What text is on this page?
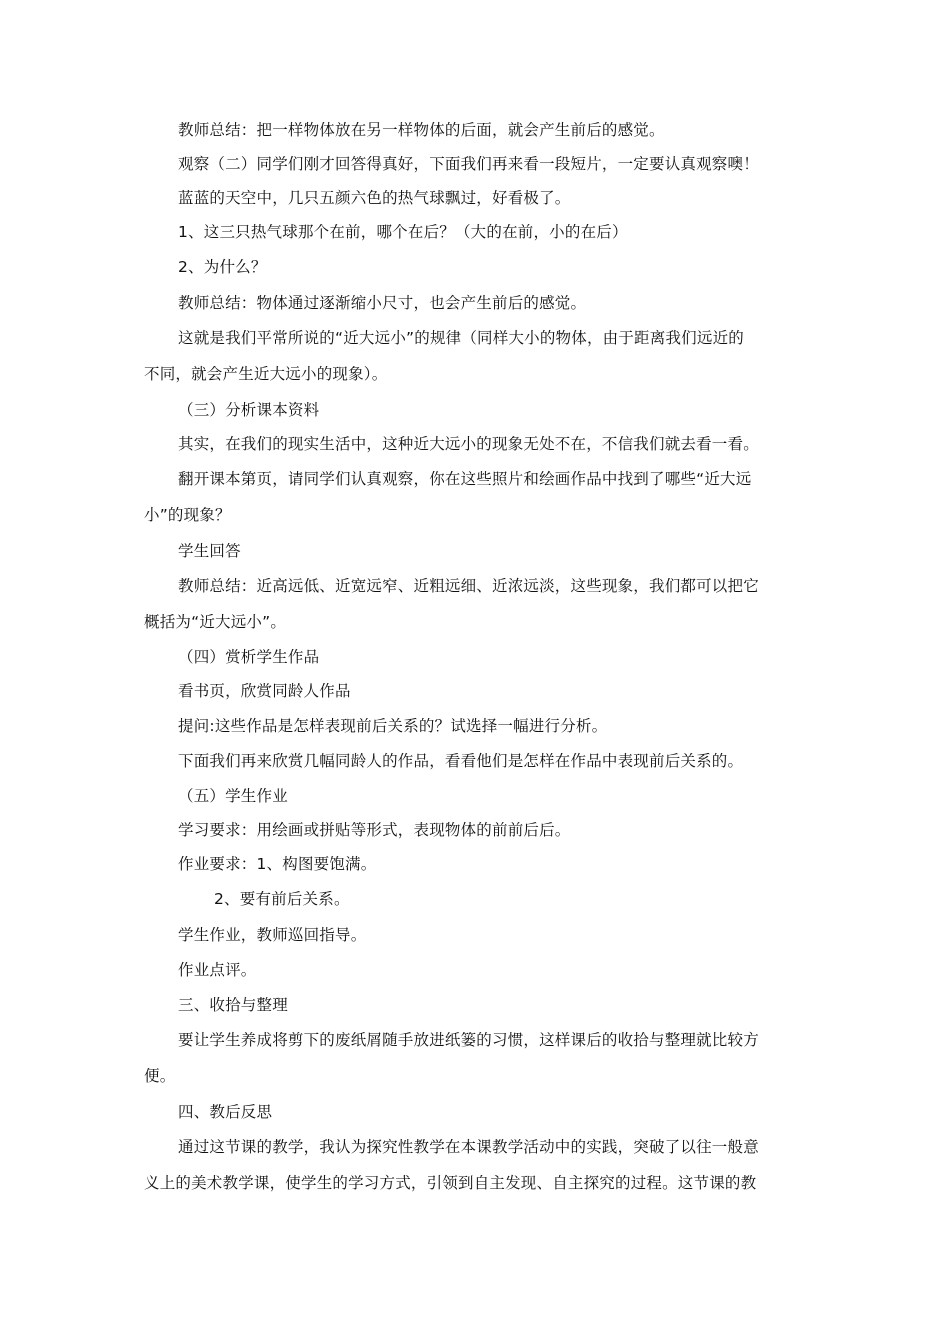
教师总结：把一样物体放在另一样物体的后面，就会产生前后的感觉。
观察（二）同学们刚才回答得真好，下面我们再来看一段短片，一定要认真观察噢！
蓝蓝的天空中，几只五颜六色的热气球飘过，好看极了。
1、这三只热气球那个在前，哪个在后？（大的在前，小的在后）
2、为什么？
教师总结：物体通过逐渐缩小尺寸，也会产生前后的感觉。
这就是我们平常所说的“近大远小”的规律（同样大小的物体，由于距离我们远近的
不同，就会产生近大远小的现象）。
（三）分析课本资料
其实，在我们的现实生活中，这种近大远小的现象无处不在，不信我们就去看一看。
翻开课本第页，请同学们认真观察，你在这些照片和绘画作品中找到了哪些“近大远
小”的现象？
学生回答
教师总结：近高远低、近宽远窄、近粗远细、近浓远淡，这些现象，我们都可以把它
概括为“近大远小”。
（四）赏析学生作品
看书页，欣赏同龄人作品
提问:这些作品是怎样表现前后关系的？试选择一幅进行分析。
下面我们再来欣赏几幅同龄人的作品，看看他们是怎样在作品中表现前后关系的。
（五）学生作业
学习要求：用绘画或拼贴等形式，表现物体的前前后后。
作业要求：1、构图要饱满。
2、要有前后关系。
学生作业，教师巡回指导。
作业点评。
三、收拾与整理
要让学生养成将剪下的废纸屑随手放进纸篓的习惯，这样课后的收拾与整理就比较方
便。
四、教后反思
通过这节课的教学，我认为探究性教学在本课教学活动中的实践，突破了以往一般意
义上的美术教学课，使学生的学习方式，引领到自主发现、自主探究的过程。这节课的教
